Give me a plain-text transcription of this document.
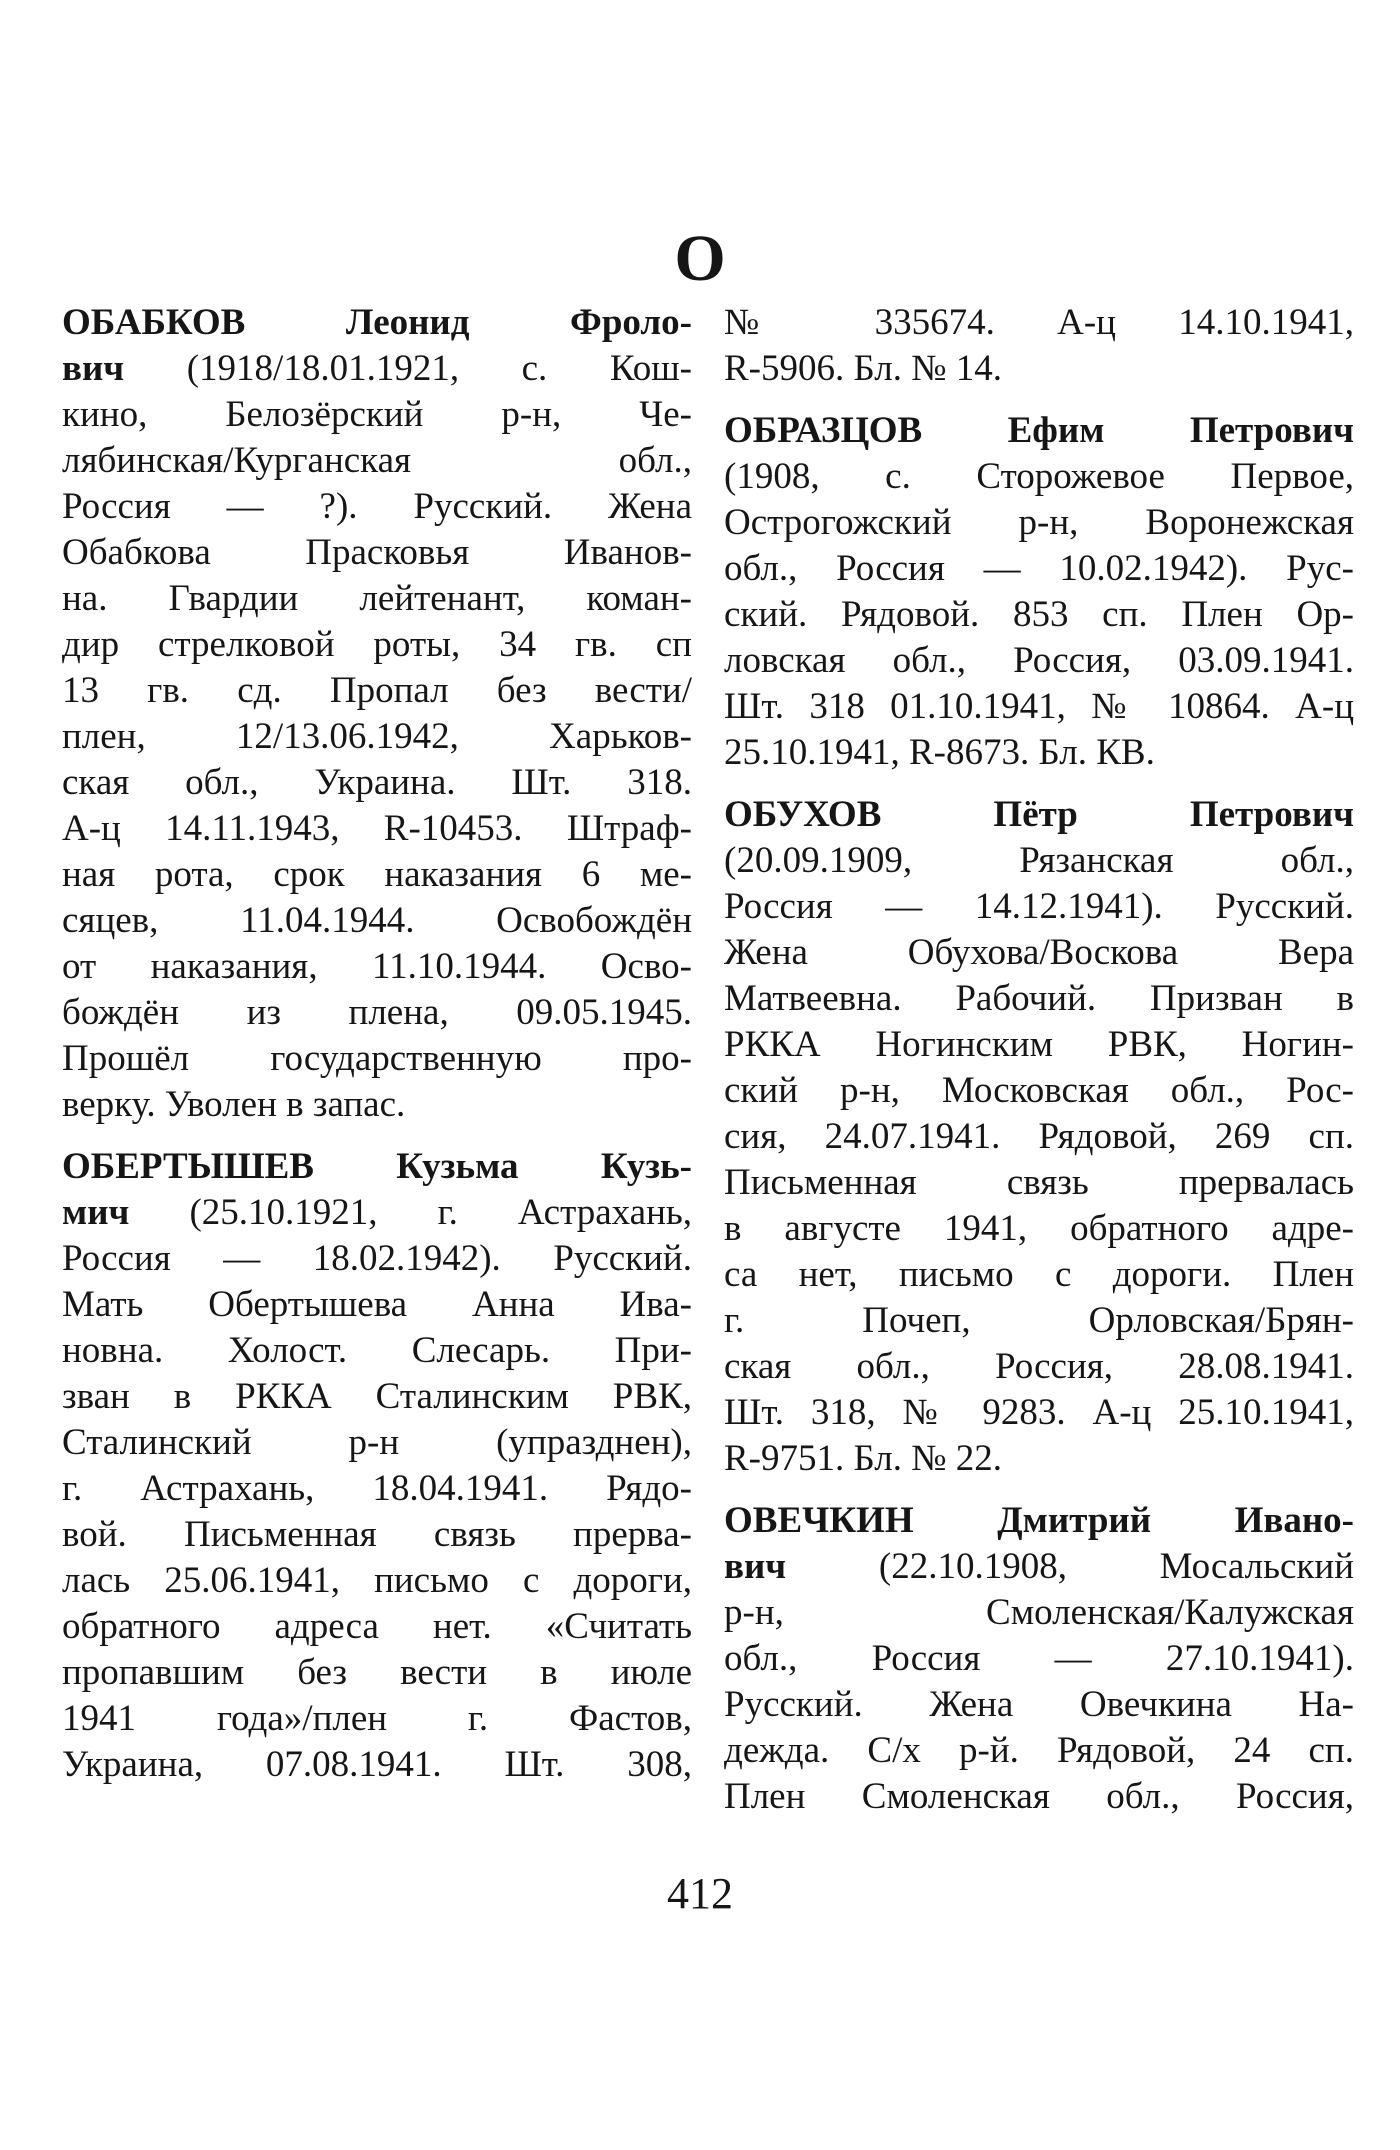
О
ОБАБКОВ Леонид Фроло-
вич (1918/18.01.1921, с. Кош-
кино, Белозёрский р-н, Че-
лябинская/Курганская обл.,
Россия — ?). Русский. Жена
Обабкова Прасковья Иванов-
на. Гвардии лейтенант, коман-
дир стрелковой роты, 34 гв. сп
13 гв. сд. Пропал без вести/
плен, 12/13.06.1942, Харьков-
ская обл., Украина. Шт. 318.
А-ц 14.11.1943, R-10453. Штраф-
ная рота, срок наказания 6 ме-
сяцев, 11.04.1944. Освобождён
от наказания, 11.10.1944. Осво-
бождён из плена, 09.05.1945.
Прошёл государственную про-
верку. Уволен в запас.
ОБЕРТЫШЕВ Кузьма Кузь-
мич (25.10.1921, г. Астрахань,
Россия — 18.02.1942). Русский.
Мать Обертышева Анна Ива-
новна. Холост. Слесарь. При-
зван в РККА Сталинским РВК,
Сталинский р-н (упразднен),
г. Астрахань, 18.04.1941. Рядо-
вой. Письменная связь прерва-
лась 25.06.1941, письмо с дороги,
обратного адреса нет. «Считать
пропавшим без вести в июле
1941 года»/плен г. Фастов,
Украина, 07.08.1941. Шт. 308,
№ 335674. А-ц 14.10.1941,
R-5906. Бл. № 14.
ОБРАЗЦОВ Ефим Петрович
(1908, с. Сторожевое Первое,
Острогожский р-н, Воронежская
обл., Россия — 10.02.1942). Рус-
ский. Рядовой. 853 сп. Плен Ор-
ловская обл., Россия, 03.09.1941.
Шт. 318 01.10.1941, № 10864. А-ц
25.10.1941, R-8673. Бл. КВ.
ОБУХОВ Пётр Петрович
(20.09.1909, Рязанская обл.,
Россия — 14.12.1941). Русский.
Жена Обухова/Воскова Вера
Матвеевна. Рабочий. Призван в
РККА Ногинским РВК, Ногин-
ский р-н, Московская обл., Рос-
сия, 24.07.1941. Рядовой, 269 сп.
Письменная связь прервалась
в августе 1941, обратного адре-
са нет, письмо с дороги. Плен
г. Почеп, Орловская/Брян-
ская обл., Россия, 28.08.1941.
Шт. 318, № 9283. А-ц 25.10.1941,
R-9751. Бл. № 22.
ОВЕЧКИН Дмитрий Ивано-
вич (22.10.1908, Мосальский
р-н, Смоленская/Калужская
обл., Россия — 27.10.1941).
Русский. Жена Овечкина На-
дежда. С/х р-й. Рядовой, 24 сп.
Плен Смоленская обл., Россия,
412
